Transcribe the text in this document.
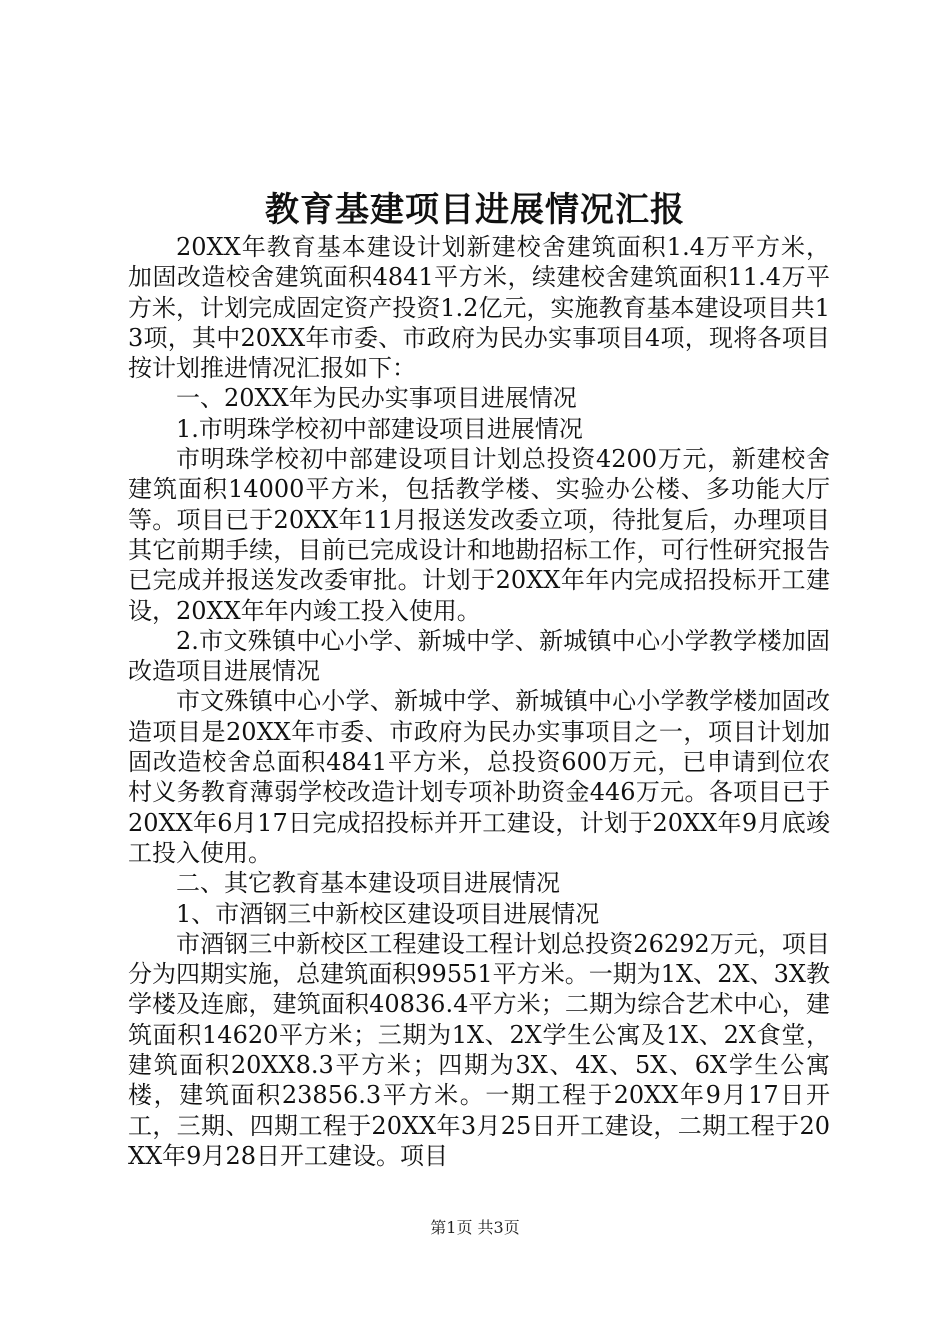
教育基建项目进展情况汇报

20XX年教育基本建设计划新建校舍建筑面积1.4万平方米，加固改造校舍建筑面积4841平方米，续建校舍建筑面积11.4万平方米，计划完成固定资产投资1.2亿元，实施教育基本建设项目共13项，其中20XX年市委、市政府为民办实事项目4项，现将各项目按计划推进情况汇报如下：

一、20XX年为民办实事项目进展情况

1.市明珠学校初中部建设项目进展情况

市明珠学校初中部建设项目计划总投资4200万元，新建校舍建筑面积14000平方米，包括教学楼、实验办公楼、多功能大厅等。项目已于20XX年11月报送发改委立项，待批复后，办理项目其它前期手续，目前已完成设计和地勘招标工作，可行性研究报告已完成并报送发改委审批。计划于20XX年年内完成招投标开工建设，20XX年年内竣工投入使用。

2.市文殊镇中心小学、新城中学、新城镇中心小学教学楼加固改造项目进展情况

市文殊镇中心小学、新城中学、新城镇中心小学教学楼加固改造项目是20XX年市委、市政府为民办实事项目之一，项目计划加固改造校舍总面积4841平方米，总投资600万元，已申请到位农村义务教育薄弱学校改造计划专项补助资金446万元。各项目已于20XX年6月17日完成招投标并开工建设，计划于20XX年9月底竣工投入使用。

二、其它教育基本建设项目进展情况

1、市酒钢三中新校区建设项目进展情况

市酒钢三中新校区工程建设工程计划总投资26292万元，项目分为四期实施，总建筑面积99551平方米。一期为1X、2X、3X教学楼及连廊，建筑面积40836.4平方米；二期为综合艺术中心，建筑面积14620平方米；三期为1X、2X学生公寓及1X、2X食堂，建筑面积20XX8.3平方米；四期为3X、4X、5X、6X学生公寓楼，建筑面积23856.3平方米。一期工程于20XX年9月17日开工，三期、四期工程于20XX年3月25日开工建设，二期工程于20XX年9月28日开工建设。项目

第1页 共3页
